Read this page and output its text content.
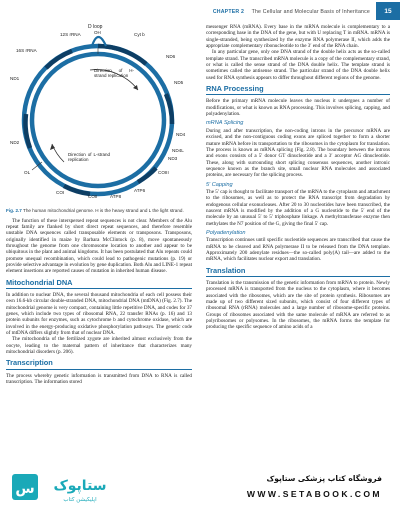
CHAPTER 2 The Cellular and Molecular Basis of Inheritance	15
D loop
OH	Cyt b
12S rRNA
16S rRNA
ND6
ND5
ND1
ND2
ND4
ND4L
ND3
COIII
ATP6
ATP8
COII
COI
OL
Direction of H-strand replication
Direction of L-strand replication
Fig. 2.7 The human mitochondrial genome. H is the heavy strand and L the light strand.

The function of these interspersed repeat sequences is not clear. Members of the Alu repeat family are flanked by short direct repeat sequences, and therefore resemble unstable DNA sequences called transposable elements or transposons. Transposons, originally identified in maize by Barbara McClintock (p. 8), move spontaneously throughout the genome from one chromosome location to another and appear to be ubiquitous in the plant and animal kingdoms. It has been postulated that Alu repeats could promote unequal recombination, which could lead to pathogenic mutations (p. 19) or provide selective advantage in evolution by gene duplication. Both Alu and LINE-1 repeat element insertions are reported causes of mutation in inherited human disease.

Mitochondrial DNA

In addition to nuclear DNA, the several thousand mitochondria of each cell possess their own 16.6-kb circular double-stranded DNA, mitochondrial DNA (mtDNA) (Fig. 2.7). The mitochondrial genome is very compact, containing little repetitive DNA, and codes for 37 genes, which include two types of ribosomal RNA, 22 transfer RNAs (p. 16) and 13 protein subunits for enzymes, such as cytochrome b and cytochrome oxidase, which are involved in the energy-producing oxidative phosphorylation pathways. The genetic code of mtDNA differs slightly from that of nuclear DNA.

The mitochondria of the fertilized zygote are inherited almost exclusively from the oocyte, leading to the maternal pattern of inheritance that characterizes many mitochondrial disorders (p. 206).

Transcription

The process whereby genetic information is transmitted from DNA to RNA is called transcription. The information stored

messenger RNA (mRNA). Every base in the mRNA molecule is complementary to a corresponding base in the DNA of the gene, but with U replacing T in mRNA. mRNA is single-stranded, being synthesized by the enzyme RNA polymerase II, which adds the appropriate complementary ribonucleotide to the 3′ end of the RNA chain.

In any particular gene, only one DNA strand of the double helix acts as the so-called template strand. The transcribed mRNA molecule is a copy of the complementary strand, or what is called the sense strand of the DNA double helix. The template strand is sometimes called the antisense strand. The particular strand of the DNA double helix used for RNA synthesis appears to differ throughout different regions of the genome.

RNA Processing

Before the primary mRNA molecule leaves the nucleus it undergoes a number of modifications, or what is known as RNA processing. This involves splicing, capping, and polyadenylation.

mRNA Splicing

During and after transcription, the non-coding introns in the precursor mRNA are excised, and the non-contiguous coding exons are spliced together to form a shorter mature mRNA before its transportation to the ribosomes in the cytoplasm for translation. The process is known as mRNA splicing (Fig. 2.8). The boundary between the introns and exons consists of a 5′ donor GT dinucleotide and a 3′ acceptor AG dinucleotide. These, along with surrounding short splicing consensus sequences, another intronic sequence known as the branch site, small nuclear RNA molecules and associated proteins, are necessary for the splicing process.

5′ Capping

The 5′ cap is thought to facilitate transport of the mRNA to the cytoplasm and attachment to the ribosomes, as well as to protect the RNA transcript from degradation by endogenous cellular exonucleases. After 20 to 30 nucleotides have been transcribed, the nascent mRNA is modified by the addition of a G nucleotide to the 5′ end of the molecule by an unusual 5′ to 5′ triphosphate linkage. A methyltransferase enzyme then methylates the N7 position of the G, giving the final 5′ cap.

Polyadenylation

Transcription continues until specific nucleotide sequences are transcribed that cause the mRNA to be cleaved and RNA polymerase II to be released from the DNA template. Approximately 200 adenylate residues—the so-called poly(A) tail—are added to the mRNA, which facilitates nuclear export and translation.

Translation

Translation is the transmission of the genetic information from mRNA to protein. Newly processed mRNA is transported from the nucleus to the cytoplasm, where it becomes associated with the ribosomes, which are the site of protein synthesis. Ribosomes are made up of two different sized subunits, which consist of four different types of ribosomal RNA (rRNA) molecules and a large number of ribosome-specific proteins. Groups of ribosomes associated with the same molecule of mRNA are referred to as polyribosomes or polysomes. In the ribosomes, the mRNA forms the template for producing the specific sequence of amino acids of a

س ستاپوک
اپلیکیشن کتاب
فروشگاه کتاب پزشکی ستاپوک
WWW.SETABOOK.COM
